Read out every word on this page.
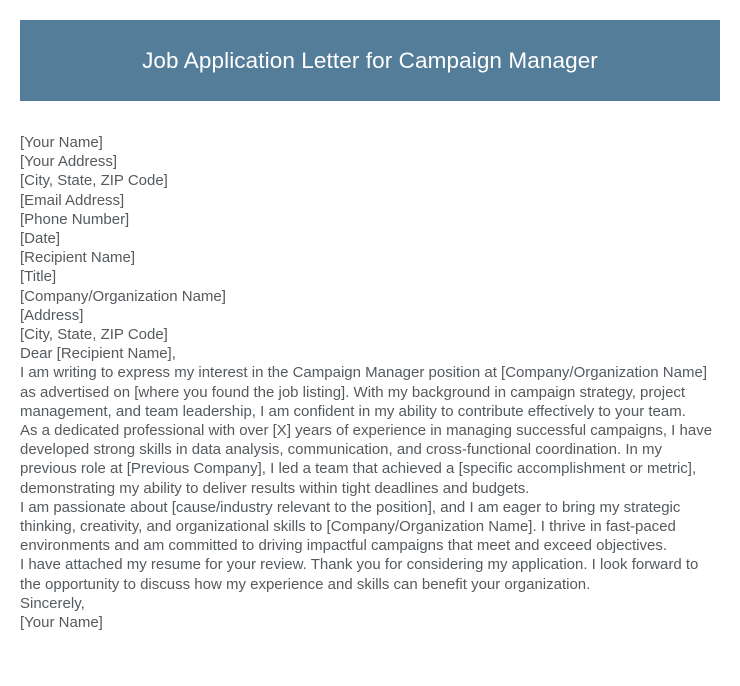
Job Application Letter for Campaign Manager
[Your Name]
[Your Address]
[City, State, ZIP Code]
[Email Address]
[Phone Number]
[Date]
[Recipient Name]
[Title]
[Company/Organization Name]
[Address]
[City, State, ZIP Code]
Dear [Recipient Name],

I am writing to express my interest in the Campaign Manager position at [Company/Organization Name] as advertised on [where you found the job listing]. With my background in campaign strategy, project management, and team leadership, I am confident in my ability to contribute effectively to your team.

As a dedicated professional with over [X] years of experience in managing successful campaigns, I have developed strong skills in data analysis, communication, and cross-functional coordination. In my previous role at [Previous Company], I led a team that achieved a [specific accomplishment or metric], demonstrating my ability to deliver results within tight deadlines and budgets.

I am passionate about [cause/industry relevant to the position], and I am eager to bring my strategic thinking, creativity, and organizational skills to [Company/Organization Name]. I thrive in fast-paced environments and am committed to driving impactful campaigns that meet and exceed objectives.

I have attached my resume for your review. Thank you for considering my application. I look forward to the opportunity to discuss how my experience and skills can benefit your organization.

Sincerely,
[Your Name]
